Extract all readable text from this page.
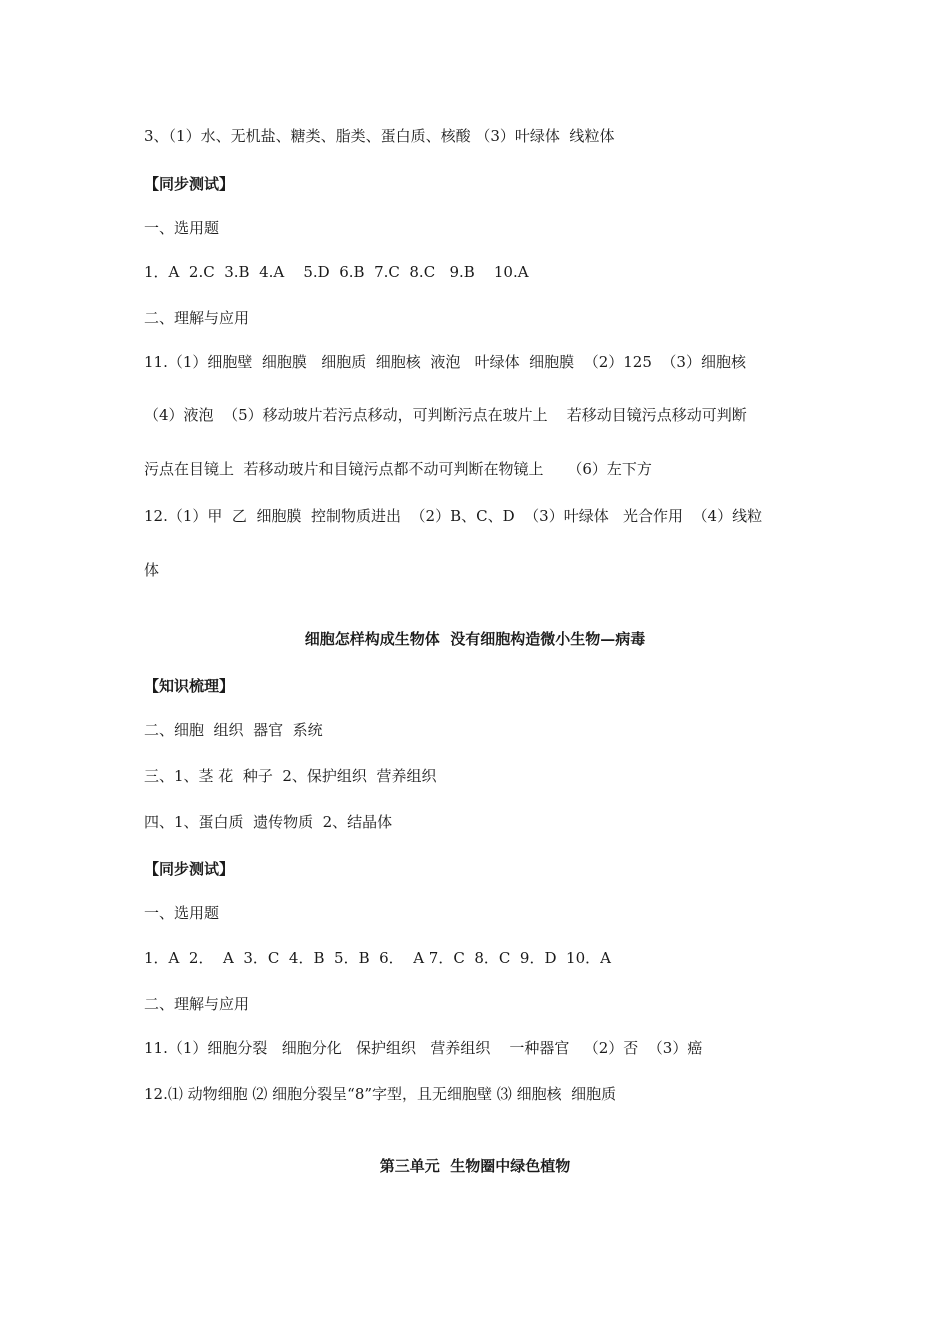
3、（1）水、无机盐、糖类、脂类、蛋白质、核酸 （3）叶绿体  线粒体

【同步测试】

一、选用题

1．A  2.C  3.B  4.A    5.D  6.B  7.C  8.C   9.B    10.A

二、理解与应用

11.（1）细胞壁  细胞膜   细胞质  细胞核  液泡   叶绿体  细胞膜  （2）125  （3）细胞核

（4）液泡  （5）移动玻片若污点移动，可判断污点在玻片上    若移动目镜污点移动可判断

污点在目镜上  若移动玻片和目镜污点都不动可判断在物镜上     （6）左下方

12.（1）甲  乙  细胞膜  控制物质进出  （2）B、C、D  （3）叶绿体   光合作用  （4）线粒

体

细胞怎样构成生物体  没有细胞构造微小生物—病毒

【知识梳理】

二、细胞  组织  器官  系统

三、1、茎 花  种子  2、保护组织  营养组织

四、1、蛋白质  遗传物质  2、结晶体

【同步测试】

一、选用题

1．A  2．  A  3．C  4．B  5．B  6．  A 7．C  8．C  9．D  10．A

二、理解与应用

11.（1）细胞分裂   细胞分化   保护组织   营养组织    一种器官   （2）否  （3）癌

12.⑴ 动物细胞 ⑵ 细胞分裂呈“8”字型，且无细胞壁 ⑶ 细胞核  细胞质

第三单元  生物圈中绿色植物
